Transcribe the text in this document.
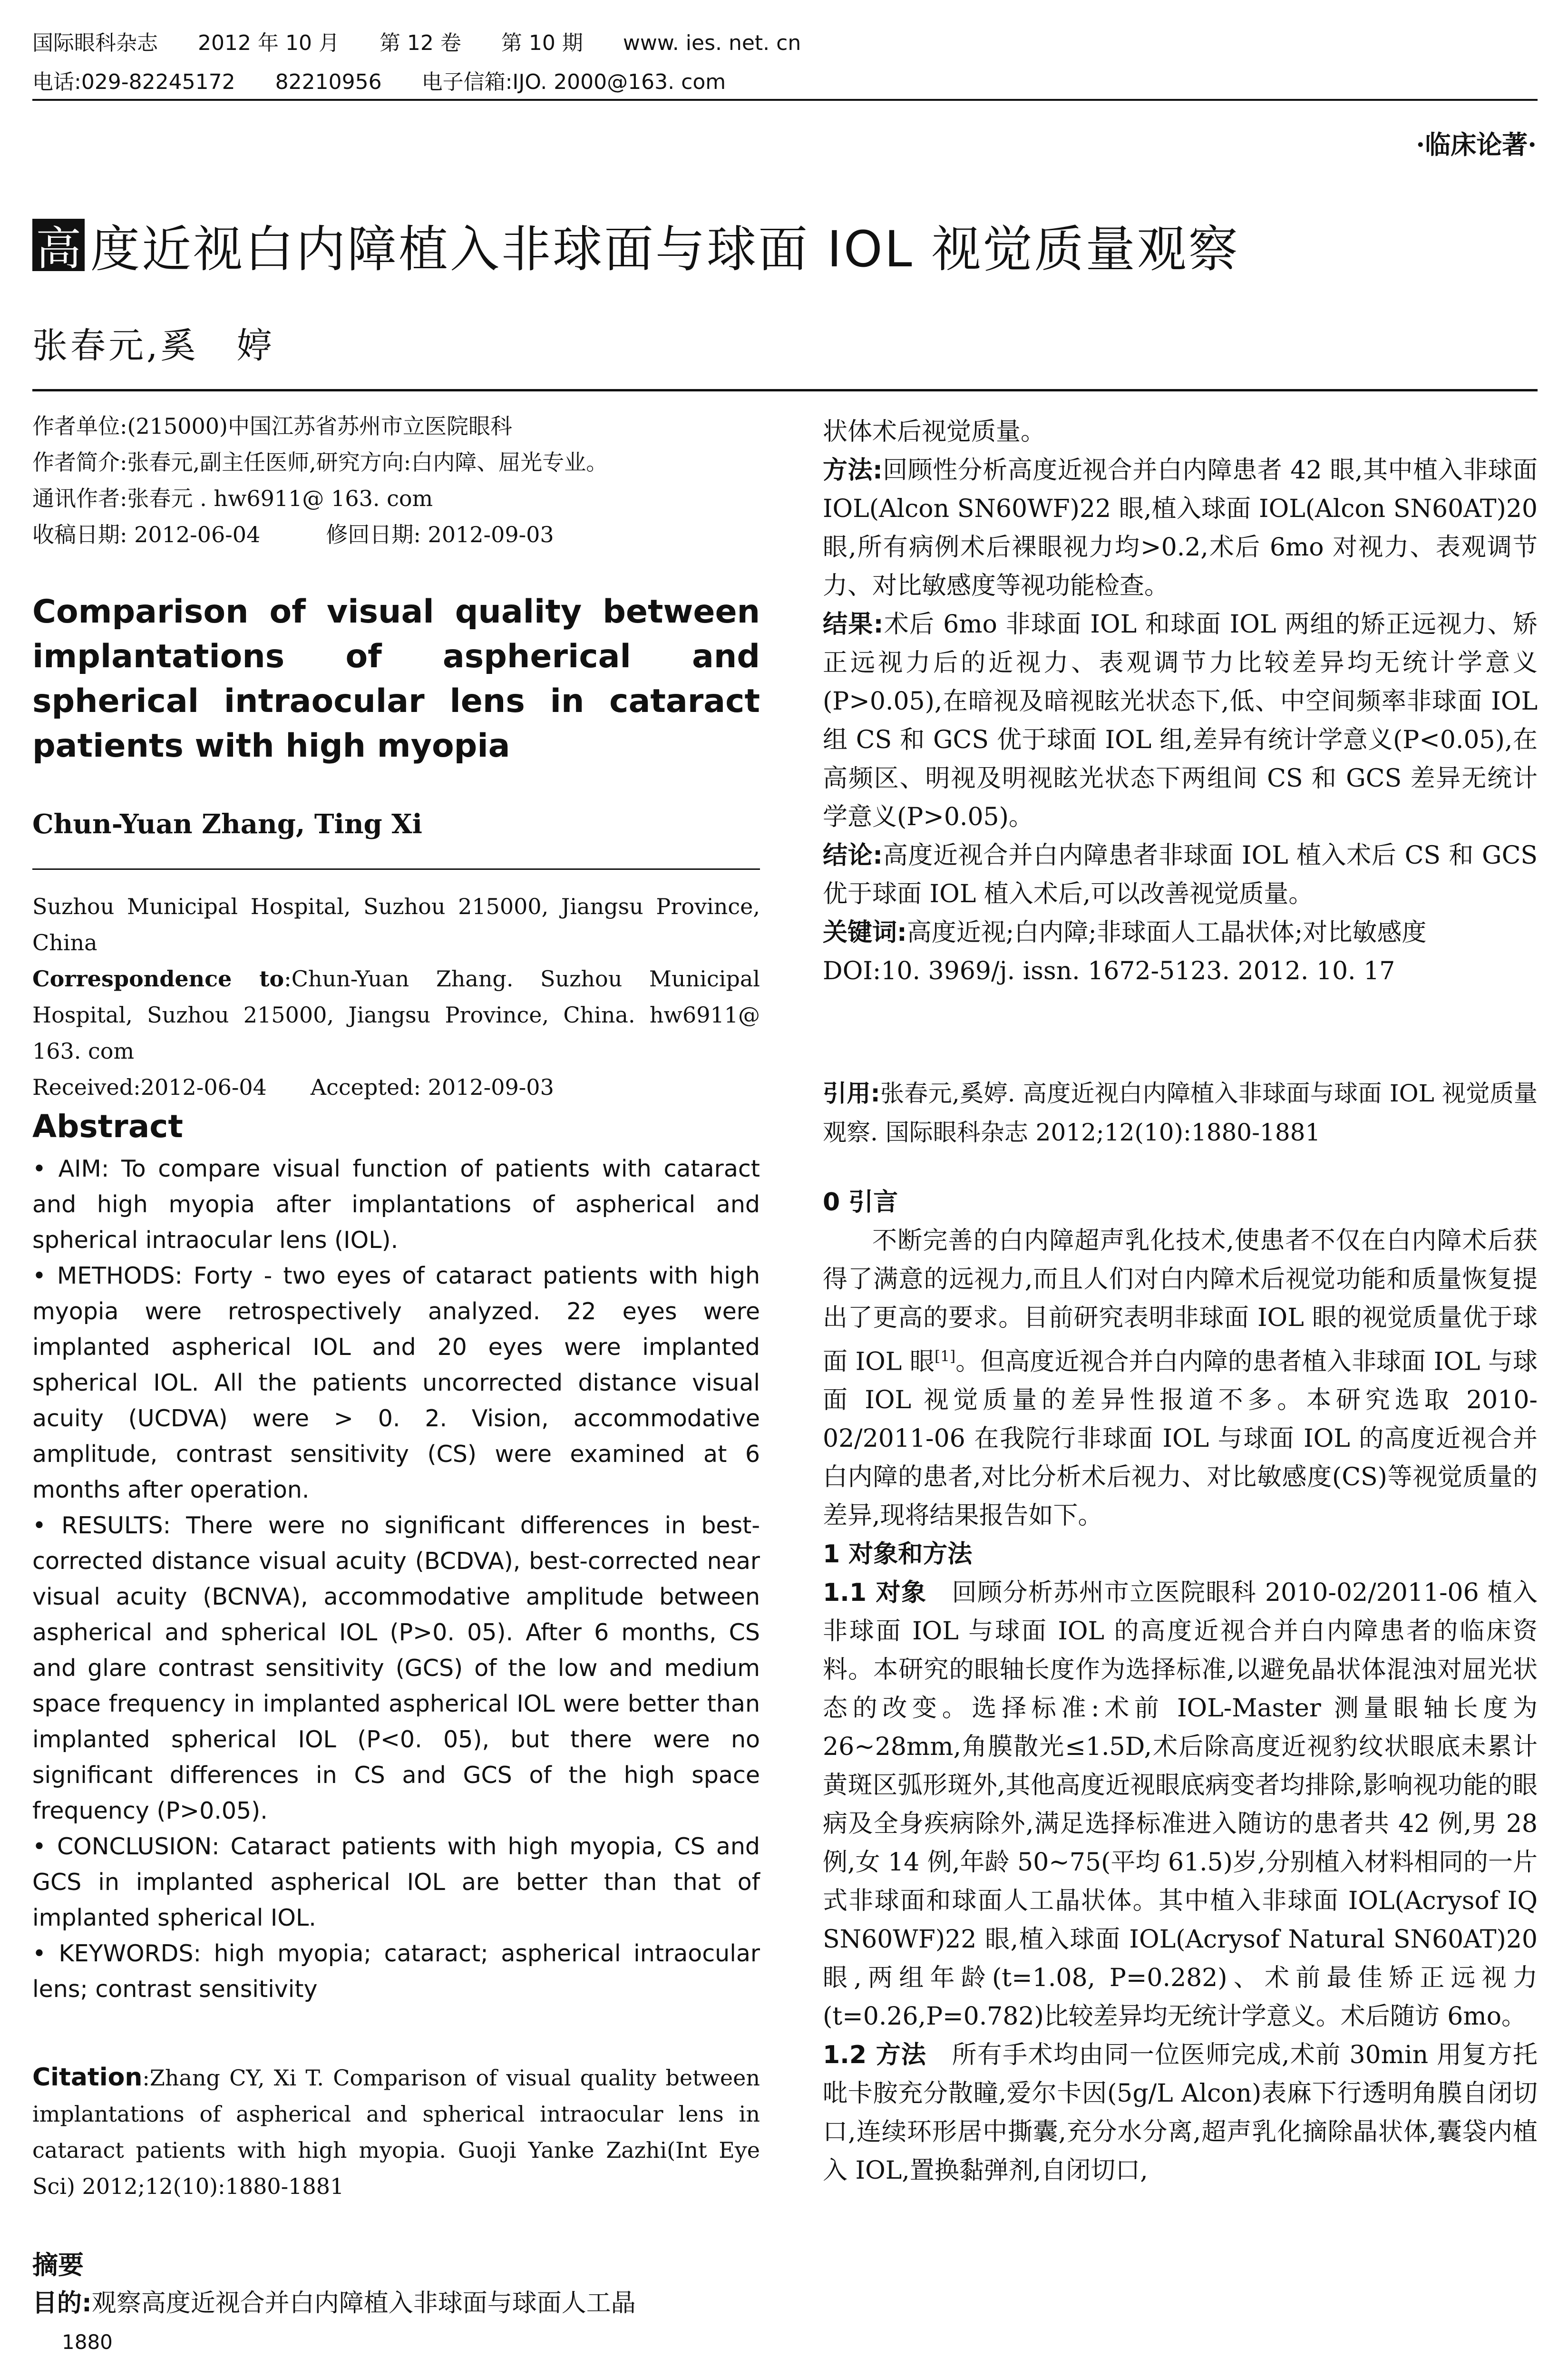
国际眼科杂志 2012 年 10 月 第 12 卷 第 10 期 www. ies. net. cn
电话:029-82245172 82210956 电子信箱:IJO. 2000@163. com
·临床论著·
高 度近视白内障植入非球面与球面 IOL 视觉质量观察
张春元,奚　婷
作者单位:(215000)中国江苏省苏州市立医院眼科
作者简介:张春元,副主任医师,研究方向:白内障、屈光专业。
通讯作者:张春元 . hw6911@ 163. com
收稿日期: 2012-06-04　　　修回日期: 2012-09-03
Comparison of visual quality between implantations of aspherical and spherical intraocular lens in cataract patients with high myopia
Chun-Yuan Zhang, Ting Xi
Suzhou Municipal Hospital, Suzhou 215000, Jiangsu Province, China
Correspondence to:Chun-Yuan Zhang. Suzhou Municipal Hospital, Suzhou 215000, Jiangsu Province, China. hw6911@ 163. com
Received:2012-06-04　　Accepted: 2012-09-03
Abstract

• AIM: To compare visual function of patients with cataract and high myopia after implantations of aspherical and spherical intraocular lens (IOL).

• METHODS: Forty - two eyes of cataract patients with high myopia were retrospectively analyzed. 22 eyes were implanted aspherical IOL and 20 eyes were implanted spherical IOL. All the patients uncorrected distance visual acuity (UCDVA) were > 0. 2. Vision, accommodative amplitude, contrast sensitivity (CS) were examined at 6 months after operation.

• RESULTS: There were no significant differences in best-corrected distance visual acuity (BCDVA), best-corrected near visual acuity (BCNVA), accommodative amplitude between aspherical and spherical IOL (P>0. 05). After 6 months, CS and glare contrast sensitivity (GCS) of the low and medium space frequency in implanted aspherical IOL were better than implanted spherical IOL (P<0. 05), but there were no significant differences in CS and GCS of the high space frequency (P>0.05).

• CONCLUSION: Cataract patients with high myopia, CS and GCS in implanted aspherical IOL are better than that of implanted spherical IOL.

• KEYWORDS: high myopia; cataract; aspherical intraocular lens; contrast sensitivity

Citation:Zhang CY, Xi T. Comparison of visual quality between implantations of aspherical and spherical intraocular lens in cataract patients with high myopia. Guoji Yanke Zazhi(Int Eye Sci) 2012;12(10):1880-1881
摘要
目的:观察高度近视合并白内障植入非球面与球面人工晶
1880

状体术后视觉质量。

方法:回顾性分析高度近视合并白内障患者 42 眼,其中植入非球面 IOL(Alcon SN60WF)22 眼,植入球面 IOL(Alcon SN60AT)20 眼,所有病例术后裸眼视力均>0.2,术后 6mo 对视力、表观调节力、对比敏感度等视功能检查。

结果:术后 6mo 非球面 IOL 和球面 IOL 两组的矫正远视力、矫正远视力后的近视力、表观调节力比较差异均无统计学意义(P>0.05),在暗视及暗视眩光状态下,低、中空间频率非球面 IOL 组 CS 和 GCS 优于球面 IOL 组,差异有统计学意义(P<0.05),在高频区、明视及明视眩光状态下两组间 CS 和 GCS 差异无统计学意义(P>0.05)。

结论:高度近视合并白内障患者非球面 IOL 植入术后 CS 和 GCS 优于球面 IOL 植入术后,可以改善视觉质量。

关键词:高度近视;白内障;非球面人工晶状体;对比敏感度

DOI:10. 3969/j. issn. 1672-5123. 2012. 10. 17

引用:张春元,奚婷. 高度近视白内障植入非球面与球面 IOL 视觉质量观察. 国际眼科杂志 2012;12(10):1880-1881

0 引言

不断完善的白内障超声乳化技术,使患者不仅在白内障术后获得了满意的远视力,而且人们对白内障术后视觉功能和质量恢复提出了更高的要求。目前研究表明非球面 IOL 眼的视觉质量优于球面 IOL 眼[1]。但高度近视合并白内障的患者植入非球面 IOL 与球面 IOL 视觉质量的差异性报道不多。本研究选取 2010-02/2011-06 在我院行非球面 IOL 与球面 IOL 的高度近视合并白内障的患者,对比分析术后视力、对比敏感度(CS)等视觉质量的差异,现将结果报告如下。

1 对象和方法

1.1 对象　 回顾分析苏州市立医院眼科 2010-02/2011-06 植入非球面 IOL 与球面 IOL 的高度近视合并白内障患者的临床资料。本研究的眼轴长度作为选择标准,以避免晶状体混浊对屈光状态的改变。选择标准:术前 IOL-Master 测量眼轴长度为 26~28mm,角膜散光≤1.5D,术后除高度近视豹纹状眼底未累计黄斑区弧形斑外,其他高度近视眼底病变者均排除,影响视功能的眼病及全身疾病除外,满足选择标准进入随访的患者共 42 例,男 28 例,女 14 例,年龄 50~75(平均 61.5)岁,分别植入材料相同的一片式非球面和球面人工晶状体。其中植入非球面 IOL(Acrysof IQ SN60WF)22 眼,植入球面 IOL(Acrysof Natural SN60AT)20 眼,两组年龄(t=1.08, P=0.282)、术前最佳矫正远视力(t=0.26,P=0.782)比较差异均无统计学意义。术后随访 6mo。

1.2 方法　 所有手术均由同一位医师完成,术前 30min 用复方托吡卡胺充分散瞳,爱尔卡因(5g/L Alcon)表麻下行透明角膜自闭切口,连续环形居中撕囊,充分水分离,超声乳化摘除晶状体,囊袋内植入 IOL,置换黏弹剂,自闭切口,
